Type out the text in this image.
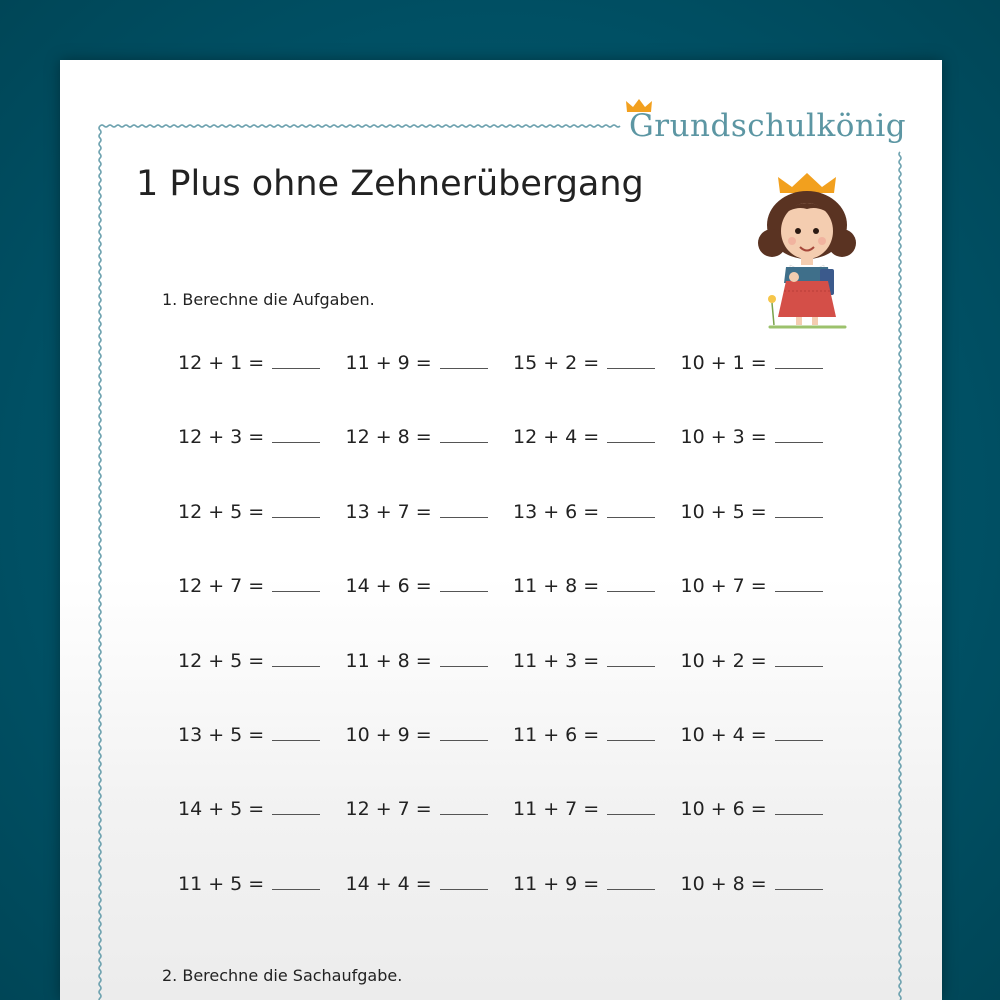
Grundschulkönig
1 Plus ohne Zehnerübergang
1. Berechne die Aufgaben.
12 + 1 =	11 + 9 =	15 + 2 =	10 + 1 =
12 + 3 =	12 + 8 =	12 + 4 =	10 + 3 =
12 + 5 =	13 + 7 =	13 + 6 =	10 + 5 =
12 + 7 =	14 + 6 =	11 + 8 =	10 + 7 =
12 + 5 =	11 + 8 =	11 + 3 =	10 + 2 =
13 + 5 =	10 + 9 =	11 + 6 =	10 + 4 =
14 + 5 =	12 + 7 =	11 + 7 =	10 + 6 =
11 + 5 =	14 + 4 =	11 + 9 =	10 + 8 =
2. Berechne die Sachaufgabe.
